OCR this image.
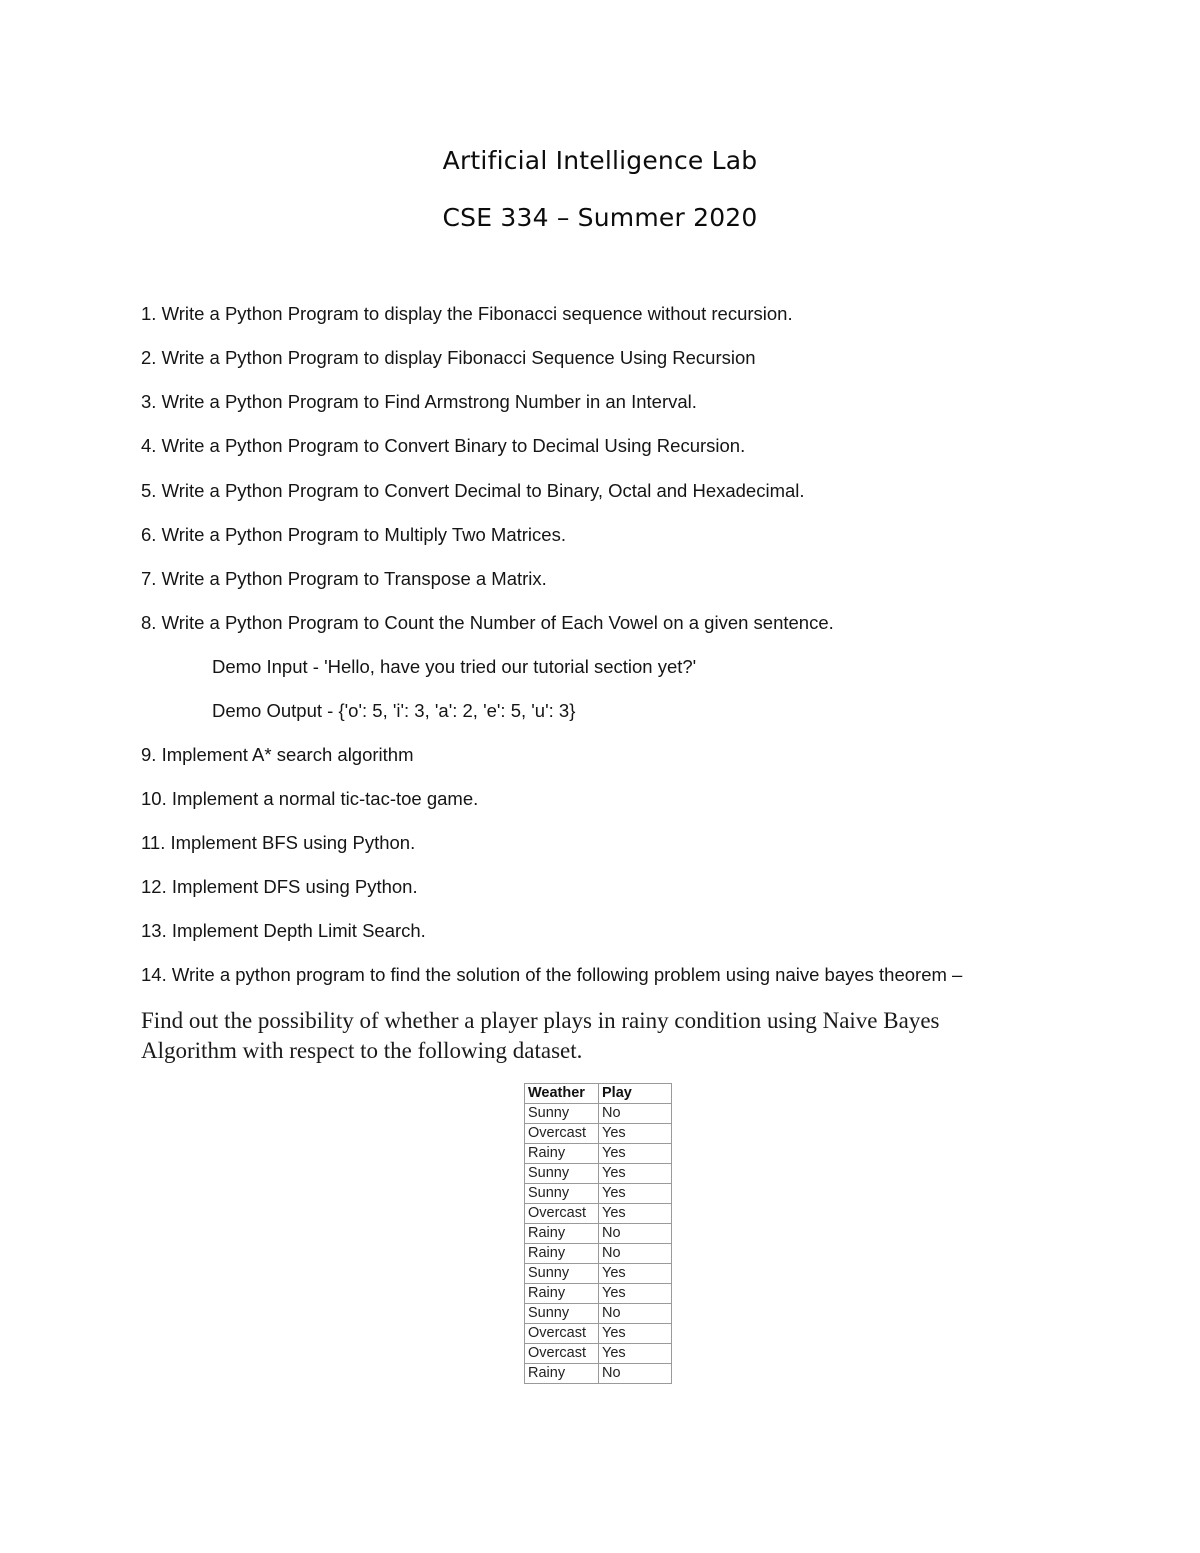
Artificial Intelligence Lab
CSE 334 – Summer 2020
1. Write a Python Program to display the Fibonacci sequence without recursion.
2. Write a Python Program to display Fibonacci Sequence Using Recursion
3. Write a Python Program to Find Armstrong Number in an Interval.
4. Write a Python Program to Convert Binary to Decimal Using Recursion.
5. Write a Python Program to Convert Decimal to Binary, Octal and Hexadecimal.
6. Write a Python Program to Multiply Two Matrices.
7. Write a Python Program to Transpose a Matrix.
8. Write a Python Program to Count the Number of Each Vowel on a given sentence.
Demo Input - 'Hello, have you tried our tutorial section yet?'
Demo Output - {'o': 5, 'i': 3, 'a': 2, 'e': 5, 'u': 3}
9. Implement A* search algorithm
10. Implement a normal tic-tac-toe game.
11. Implement BFS using Python.
12. Implement DFS using Python.
13. Implement Depth Limit Search.
14. Write a python program to find the solution of the following problem using naive bayes theorem –
Find out the possibility of whether a player plays in rainy condition using Naive Bayes Algorithm with respect to the following dataset.
Weather	Play
Sunny	No
Overcast	Yes
Rainy	Yes
Sunny	Yes
Sunny	Yes
Overcast	Yes
Rainy	No
Rainy	No
Sunny	Yes
Rainy	Yes
Sunny	No
Overcast	Yes
Overcast	Yes
Rainy	No
